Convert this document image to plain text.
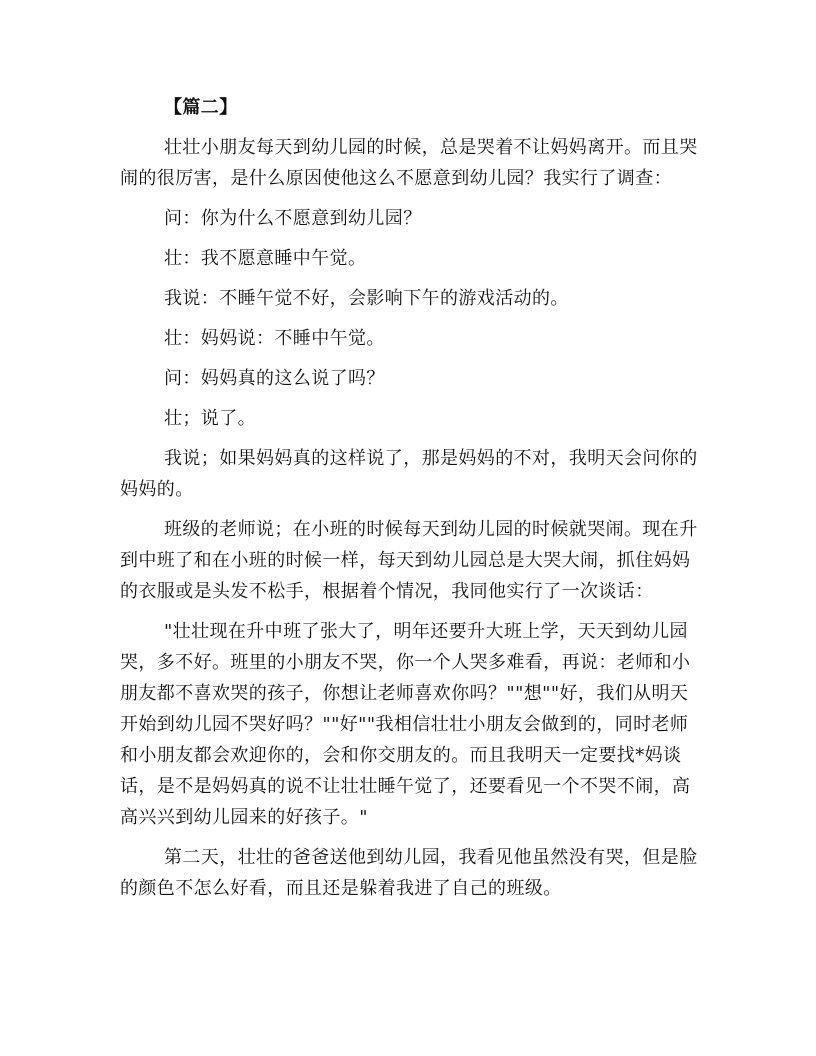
【篇二】

壮壮小朋友每天到幼儿园的时候，总是哭着不让妈妈离开。而且哭闹的很厉害，是什么原因使他这么不愿意到幼儿园？我实行了调查：

问：你为什么不愿意到幼儿园？

壮：我不愿意睡中午觉。

我说：不睡午觉不好，会影响下午的游戏活动的。

壮：妈妈说：不睡中午觉。

问：妈妈真的这么说了吗？

壮；说了。

我说；如果妈妈真的这样说了，那是妈妈的不对，我明天会问你的妈妈的。

班级的老师说；在小班的时候每天到幼儿园的时候就哭闹。现在升到中班了和在小班的时候一样，每天到幼儿园总是大哭大闹，抓住妈妈的衣服或是头发不松手，根据着个情况，我同他实行了一次谈话：

"壮壮现在升中班了张大了，明年还要升大班上学，天天到幼儿园哭，多不好。班里的小朋友不哭，你一个人哭多难看，再说：老师和小朋友都不喜欢哭的孩子，你想让老师喜欢你吗？""想""好，我们从明天开始到幼儿园不哭好吗？""好""我相信壮壮小朋友会做到的，同时老师和小朋友都会欢迎你的，会和你交朋友的。而且我明天一定要找*妈谈话，是不是妈妈真的说不让壮壮睡午觉了，还要看见一个不哭不闹，高高兴兴到幼儿园来的好孩子。"

第二天，壮壮的爸爸送他到幼儿园，我看见他虽然没有哭，但是脸的颜色不怎么好看，而且还是躲着我进了自己的班级。
